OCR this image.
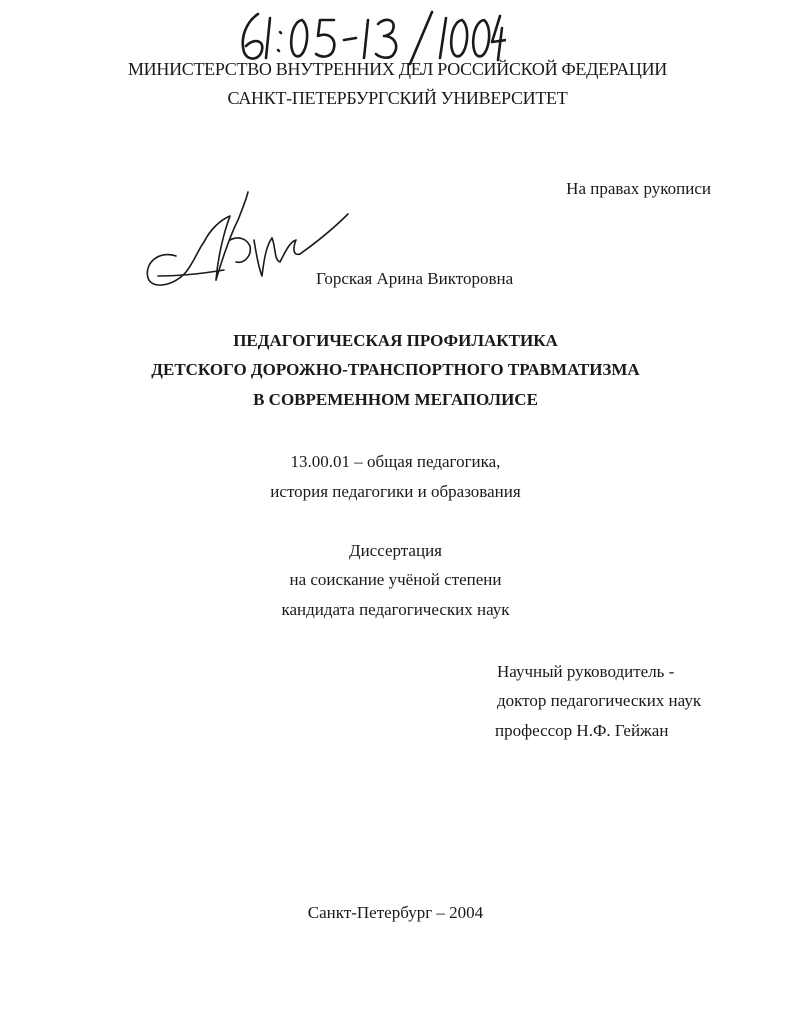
МИНИСТЕРСТВО ВНУТРЕННИХ ДЕЛ РОССИЙСКОЙ ФЕДЕРАЦИИ
САНКТ-ПЕТЕРБУРГСКИЙ УНИВЕРСИТЕТ
На правах рукописи
Горская Арина Викторовна
ПЕДАГОГИЧЕСКАЯ ПРОФИЛАКТИКА
ДЕТСКОГО ДОРОЖНО-ТРАНСПОРТНОГО ТРАВМАТИЗМА
В СОВРЕМЕННОМ МЕГАПОЛИСЕ
13.00.01 – общая педагогика,
история педагогики и образования
Диссертация
на соискание учёной степени
кандидата педагогических наук
Научный руководитель -
доктор педагогических наук
профессор Н.Ф. Гейжан
Санкт-Петербург – 2004
